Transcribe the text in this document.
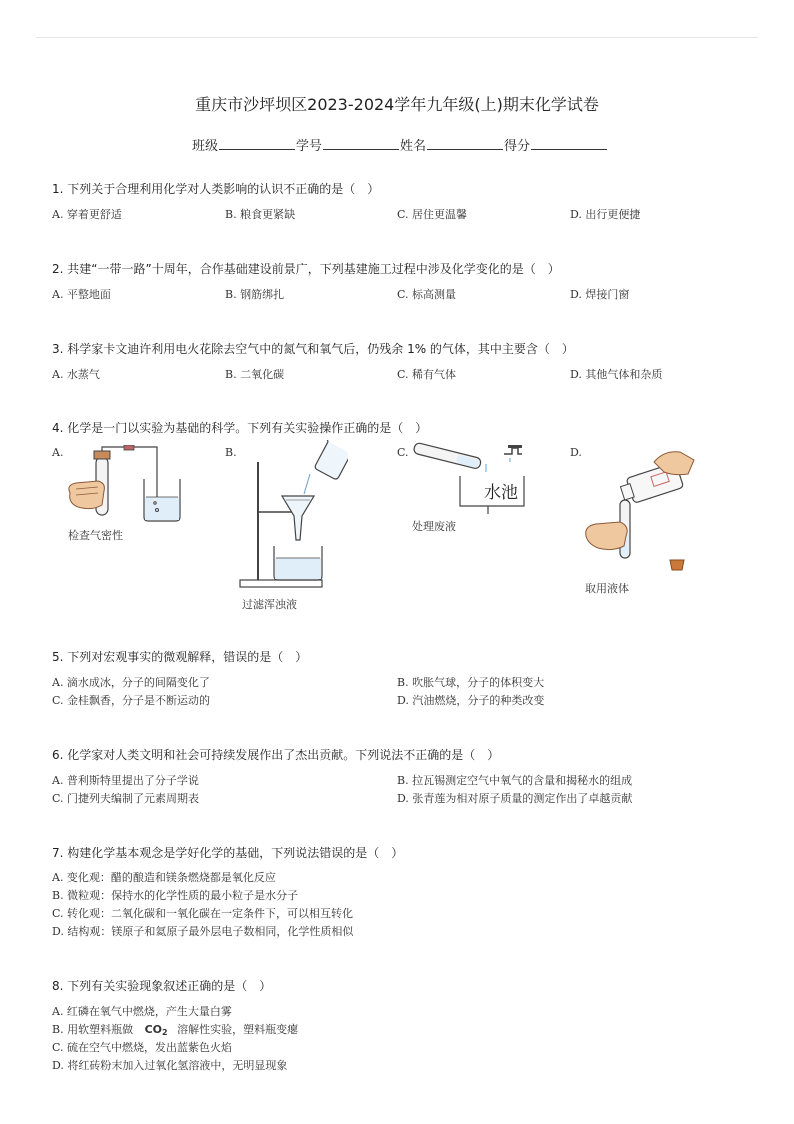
重庆市沙坪坝区2023-2024学年九年级(上)期末化学试卷
班级	学号	姓名	得分
1. 下列关于合理利用化学对人类影响的认识不正确的是（　）
A. 穿着更舒适	B. 粮食更紧缺	C. 居住更温馨	D. 出行更便捷
2. 共建“一带一路”十周年，合作基础建设前景广，下列基建施工过程中涉及化学变化的是（　）
A. 平整地面	B. 钢筋绑扎	C. 标高测量	D. 焊接门窗
3. 科学家卡文迪许利用电火花除去空气中的氮气和氧气后，仍残余 1% 的气体，其中主要含（　）
A. 水蒸气	B. 二氧化碳	C. 稀有气体	D. 其他气体和杂质
4. 化学是一门以实验为基础的科学。下列有关实验操作正确的是（　）
A.	B.	C.	D.
检查气密性
过滤浑浊液
水池
处理废液
取用液体
5. 下列对宏观事实的微观解释，错误的是（　）
A. 滴水成冰，分子的间隔变化了	B. 吹胀气球，分子的体积变大
C. 金桂飘香，分子是不断运动的	D. 汽油燃烧，分子的种类改变
6. 化学家对人类文明和社会可持续发展作出了杰出贡献。下列说法不正确的是（　）
A. 普利斯特里提出了分子学说	B. 拉瓦锡测定空气中氧气的含量和揭秘水的组成
C. 门捷列夫编制了元素周期表	D. 张青莲为相对原子质量的测定作出了卓越贡献
7. 构建化学基本观念是学好化学的基础，下列说法错误的是（　）
A. 变化观：醋的酿造和镁条燃烧都是氧化反应
B. 微粒观：保持水的化学性质的最小粒子是水分子
C. 转化观：二氧化碳和一氧化碳在一定条件下，可以相互转化
D. 结构观：镁原子和氦原子最外层电子数相同，化学性质相似
8. 下列有关实验现象叙述正确的是（　）
A. 红磷在氧气中燃烧，产生大量白雾
B. 用软塑料瓶做 CO2 溶解性实验，塑料瓶变瘪
C. 硫在空气中燃烧，发出蓝紫色火焰
D. 将红砖粉末加入过氧化氢溶液中，无明显现象
